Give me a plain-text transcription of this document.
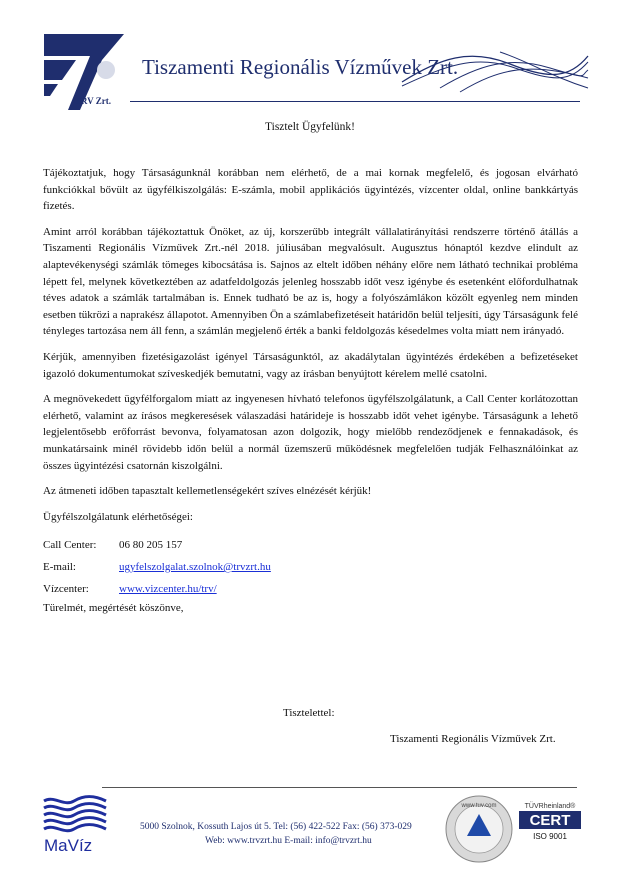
TRV Zrt.
Tiszamenti Regionális Vízművek Zrt.
Tisztelt Ügyfelünk!

Tájékoztatjuk, hogy Társaságunknál korábban nem elérhető, de a mai kornak megfelelő, és jogosan elvárható funkciókkal bővült az ügyfélkiszolgálás: E-számla, mobil applikációs ügyintézés, vízcenter oldal, online bankkártyás fizetés.

Amint arról korábban tájékoztattuk Önöket, az új, korszerűbb integrált vállalatirányítási rendszerre történő átállás a Tiszamenti Regionális Vízművek Zrt.-nél 2018. júliusában megvalósult. Augusztus hónaptól kezdve elindult az alaptevékenységi számlák tömeges kibocsátása is. Sajnos az eltelt időben néhány előre nem látható technikai probléma lépett fel, melynek következtében az adatfeldolgozás jelenleg hosszabb időt vesz igénybe és esetenként előfordulhatnak téves adatok a számlák tartalmában is. Ennek tudható be az is, hogy a folyószámlákon közölt egyenleg nem minden esetben tükrözi a naprakész állapotot. Amennyiben Ön a számlabefizetéseit határidőn belül teljesíti, úgy Társaságunk felé tényleges tartozása nem áll fenn, a számlán megjelenő érték a banki feldolgozás késedelmes volta miatt nem irányadó.

Kérjük, amennyiben fizetésigazolást igényel Társaságunktól, az akadálytalan ügyintézés érdekében a befizetéseket igazoló dokumentumokat szíveskedjék bemutatni, vagy az írásban benyújtott kérelem mellé csatolni.

A megnövekedett ügyfélforgalom miatt az ingyenesen hívható telefonos ügyfélszolgálatunk, a Call Center korlátozottan elérhető, valamint az írásos megkeresések válaszadási határideje is hosszabb időt vehet igénybe. Társaságunk a lehető legjelentősebb erőforrást bevonva, folyamatosan azon dolgozik, hogy mielőbb rendeződjenek e fennakadások, és munkatársaink minél rövidebb időn belül a normál üzemszerű működésnek megfelelően tudják Felhasználóinkat az összes ügyintézési csatornán kiszolgálni.

Az átmeneti időben tapasztalt kellemetlenségekért szíves elnézését kérjük!

Ügyfélszolgálatunk elérhetőségei:

Call Center:	06 80 205 157
E-mail:	ugyfelszolgalat.szolnok@trvzrt.hu
Vízcenter:	www.vizcenter.hu/trv/

Türelmét, megértését köszönve,

Tisztelettel:
Tiszamenti Regionális Vízművek Zrt.
MaVíz
5000 Szolnok, Kossuth Lajos út 5. Tel: (56) 422-522 Fax: (56) 373-029
Web: www.trvzrt.hu E-mail: info@trvzrt.hu
www.tuv.com	TÜVRheinland®
CERT
ISO 9001
